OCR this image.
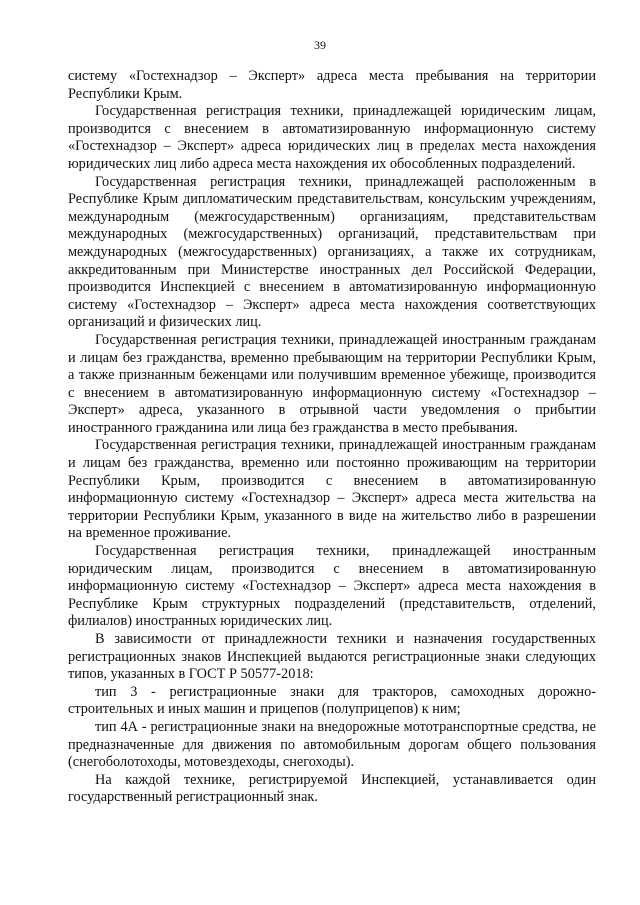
39

систему «Гостехнадзор – Эксперт» адреса места пребывания на территории Республики Крым.

Государственная регистрация техники, принадлежащей юридическим лицам, производится с внесением в автоматизированную информационную систему «Гостехнадзор – Эксперт» адреса юридических лиц в пределах места нахождения юридических лиц либо адреса места нахождения их обособленных подразделений.

Государственная регистрация техники, принадлежащей расположенным в Республике Крым дипломатическим представительствам, консульским учреждениям, международным (межгосударственным) организациям, представительствам международных (межгосударственных) организаций, представительствам при международных (межгосударственных) организациях, а также их сотрудникам, аккредитованным при Министерстве иностранных дел Российской Федерации, производится Инспекцией с внесением в автоматизированную информационную систему «Гостехнадзор – Эксперт» адреса места нахождения соответствующих организаций и физических лиц.

Государственная регистрация техники, принадлежащей иностранным гражданам и лицам без гражданства, временно пребывающим на территории Республики Крым, а также признанным беженцами или получившим временное убежище, производится с внесением в автоматизированную информационную систему «Гостехнадзор – Эксперт» адреса, указанного в отрывной части уведомления о прибытии иностранного гражданина или лица без гражданства в место пребывания.

Государственная регистрация техники, принадлежащей иностранным гражданам и лицам без гражданства, временно или постоянно проживающим на территории Республики Крым, производится с внесением в автоматизированную информационную систему «Гостехнадзор – Эксперт» адреса места жительства на территории Республики Крым, указанного в виде на жительство либо в разрешении на временное проживание.

Государственная регистрация техники, принадлежащей иностранным юридическим лицам, производится с внесением в автоматизированную информационную систему «Гостехнадзор – Эксперт» адреса места нахождения в Республике Крым структурных подразделений (представительств, отделений, филиалов) иностранных юридических лиц.

В зависимости от принадлежности техники и назначения государственных регистрационных знаков Инспекцией выдаются регистрационные знаки следующих типов, указанных в ГОСТ Р 50577-2018:

тип 3 - регистрационные знаки для тракторов, самоходных дорожно-строительных и иных машин и прицепов (полуприцепов) к ним;

тип 4А - регистрационные знаки на внедорожные мототранспортные средства, не предназначенные для движения по автомобильным дорогам общего пользования (снегоболотоходы, мотовездеходы, снегоходы).

На каждой технике, регистрируемой Инспекцией, устанавливается один государственный регистрационный знак.
